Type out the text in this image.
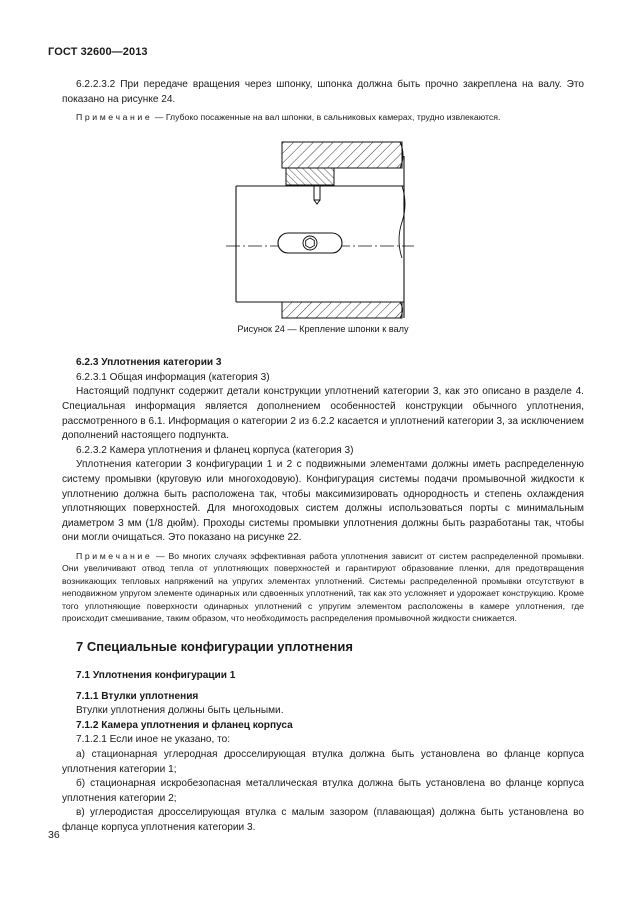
ГОСТ 32600—2013

6.2.2.3.2 При передаче вращения через шпонку, шпонка должна быть прочно закреплена на валу. Это показано на рисунке 24.

Примечание — Глубоко посаженные на вал шпонки, в сальниковых камерах, трудно извлекаются.

Рисунок 24 — Крепление шпонки к валу

6.2.3 Уплотнения категории 3

6.2.3.1 Общая информация (категория 3)

Настоящий подпункт содержит детали конструкции уплотнений категории 3, как это описано в разделе 4. Специальная информация является дополнением особенностей конструкции обычного уплотнения, рассмотренного в 6.1. Информация о категории 2 из 6.2.2 касается и уплотнений категории 3, за исключением дополнений настоящего подпункта.

6.2.3.2 Камера уплотнения и фланец корпуса (категория 3)

Уплотнения категории 3 конфигурации 1 и 2 с подвижными элементами должны иметь распределенную систему промывки (круговую или многоходовую). Конфигурация системы подачи промывочной жидкости к уплотнению должна быть расположена так, чтобы максимизировать однородность и степень охлаждения уплотняющих поверхностей. Для многоходовых систем должны использоваться порты с минимальным диаметром 3 мм (1/8 дюйм). Проходы системы промывки уплотнения должны быть разработаны так, чтобы они могли очищаться. Это показано на рисунке 22.

Примечание — Во многих случаях эффективная работа уплотнения зависит от систем распределенной промывки. Они увеличивают отвод тепла от уплотняющих поверхностей и гарантируют образование пленки, для предотвращения возникающих тепловых напряжений на упругих элементах уплотнений. Системы распределенной промывки отсутствуют в неподвижном упругом элементе одинарных или сдвоенных уплотнений, так как это усложняет и удорожает конструкцию. Кроме того уплотняющие поверхности одинарных уплотнений с упругим элементом расположены в камере уплотнения, где происходит смешивание, таким образом, что необходимость распределения промывочной жидкости снижается.

7 Специальные конфигурации уплотнения

7.1 Уплотнения конфигурации 1

7.1.1 Втулки уплотнения

Втулки уплотнения должны быть цельными.

7.1.2 Камера уплотнения и фланец корпуса

7.1.2.1 Если иное не указано, то:

а) стационарная углеродная дросселирующая втулка должна быть установлена во фланце корпуса уплотнения категории 1;

б) стационарная искробезопасная металлическая втулка должна быть установлена во фланце корпуса уплотнения категории 2;

в) углеродистая дросселирующая втулка с малым зазором (плавающая) должна быть установлена во фланце корпуса уплотнения категории 3.

36
